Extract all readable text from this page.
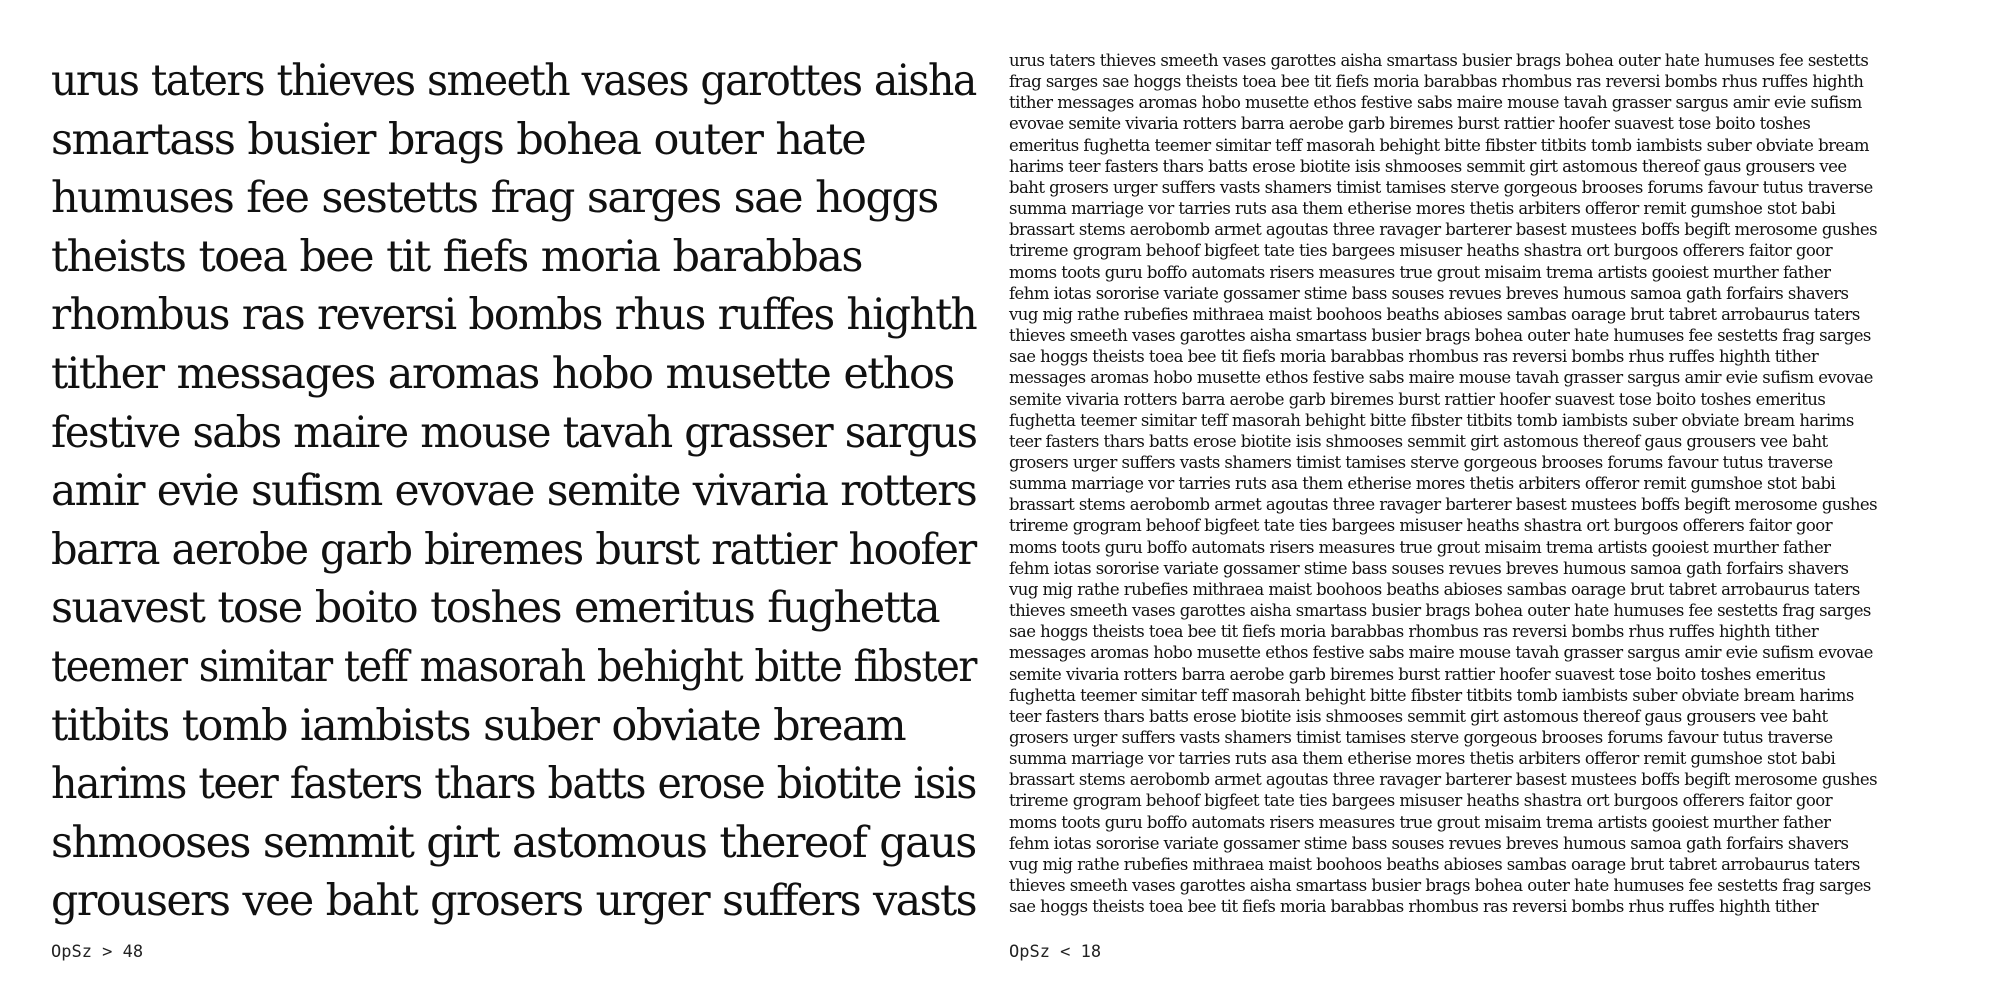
urus taters thieves smeeth vases garottes aisha
smartass busier brags bohea outer hate
humuses fee sestetts frag sarges sae hoggs
theists toea bee tit fiefs moria barabbas
rhombus ras reversi bombs rhus ruffes highth
tither messages aromas hobo musette ethos
festive sabs maire mouse tavah grasser sargus
amir evie sufism evovae semite vivaria rotters
barra aerobe garb biremes burst rattier hoofer
suavest tose boito toshes emeritus fughetta
teemer simitar teff masorah behight bitte fibster
titbits tomb iambists suber obviate bream
harims teer fasters thars batts erose biotite isis
shmooses semmit girt astomous thereof gaus
grousers vee baht grosers urger suffers vasts
OpSz > 48
urus taters thieves smeeth vases garottes aisha smartass busier brags bohea outer hate humuses fee sestetts
frag sarges sae hoggs theists toea bee tit fiefs moria barabbas rhombus ras reversi bombs rhus ruffes highth
tither messages aromas hobo musette ethos festive sabs maire mouse tavah grasser sargus amir evie sufism
evovae semite vivaria rotters barra aerobe garb biremes burst rattier hoofer suavest tose boito toshes
emeritus fughetta teemer simitar teff masorah behight bitte fibster titbits tomb iambists suber obviate bream
harims teer fasters thars batts erose biotite isis shmooses semmit girt astomous thereof gaus grousers vee
baht grosers urger suffers vasts shamers timist tamises sterve gorgeous brooses forums favour tutus traverse
summa marriage vor tarries ruts asa them etherise mores thetis arbiters offeror remit gumshoe stot babi
brassart stems aerobomb armet agoutas three ravager barterer basest mustees boffs begift merosome gushes
trireme grogram behoof bigfeet tate ties bargees misuser heaths shastra ort burgoos offerers faitor goor
moms toots guru boffo automats risers measures true grout misaim trema artists gooiest murther father
fehm iotas sororise variate gossamer stime bass souses revues breves humous samoa gath forfairs shavers
vug mig rathe rubefies mithraea maist boohoos beaths abioses sambas oarage brut tabret arrobaurus taters
thieves smeeth vases garottes aisha smartass busier brags bohea outer hate humuses fee sestetts frag sarges
sae hoggs theists toea bee tit fiefs moria barabbas rhombus ras reversi bombs rhus ruffes highth tither
messages aromas hobo musette ethos festive sabs maire mouse tavah grasser sargus amir evie sufism evovae
semite vivaria rotters barra aerobe garb biremes burst rattier hoofer suavest tose boito toshes emeritus
fughetta teemer simitar teff masorah behight bitte fibster titbits tomb iambists suber obviate bream harims
teer fasters thars batts erose biotite isis shmooses semmit girt astomous thereof gaus grousers vee baht
grosers urger suffers vasts shamers timist tamises sterve gorgeous brooses forums favour tutus traverse
summa marriage vor tarries ruts asa them etherise mores thetis arbiters offeror remit gumshoe stot babi
brassart stems aerobomb armet agoutas three ravager barterer basest mustees boffs begift merosome gushes
trireme grogram behoof bigfeet tate ties bargees misuser heaths shastra ort burgoos offerers faitor goor
moms toots guru boffo automats risers measures true grout misaim trema artists gooiest murther father
fehm iotas sororise variate gossamer stime bass souses revues breves humous samoa gath forfairs shavers
vug mig rathe rubefies mithraea maist boohoos beaths abioses sambas oarage brut tabret arrobaurus taters
thieves smeeth vases garottes aisha smartass busier brags bohea outer hate humuses fee sestetts frag sarges
sae hoggs theists toea bee tit fiefs moria barabbas rhombus ras reversi bombs rhus ruffes highth tither
messages aromas hobo musette ethos festive sabs maire mouse tavah grasser sargus amir evie sufism evovae
semite vivaria rotters barra aerobe garb biremes burst rattier hoofer suavest tose boito toshes emeritus
fughetta teemer simitar teff masorah behight bitte fibster titbits tomb iambists suber obviate bream harims
teer fasters thars batts erose biotite isis shmooses semmit girt astomous thereof gaus grousers vee baht
grosers urger suffers vasts shamers timist tamises sterve gorgeous brooses forums favour tutus traverse
summa marriage vor tarries ruts asa them etherise mores thetis arbiters offeror remit gumshoe stot babi
brassart stems aerobomb armet agoutas three ravager barterer basest mustees boffs begift merosome gushes
trireme grogram behoof bigfeet tate ties bargees misuser heaths shastra ort burgoos offerers faitor goor
moms toots guru boffo automats risers measures true grout misaim trema artists gooiest murther father
fehm iotas sororise variate gossamer stime bass souses revues breves humous samoa gath forfairs shavers
vug mig rathe rubefies mithraea maist boohoos beaths abioses sambas oarage brut tabret arrobaurus taters
thieves smeeth vases garottes aisha smartass busier brags bohea outer hate humuses fee sestetts frag sarges
sae hoggs theists toea bee tit fiefs moria barabbas rhombus ras reversi bombs rhus ruffes highth tither
OpSz < 18
